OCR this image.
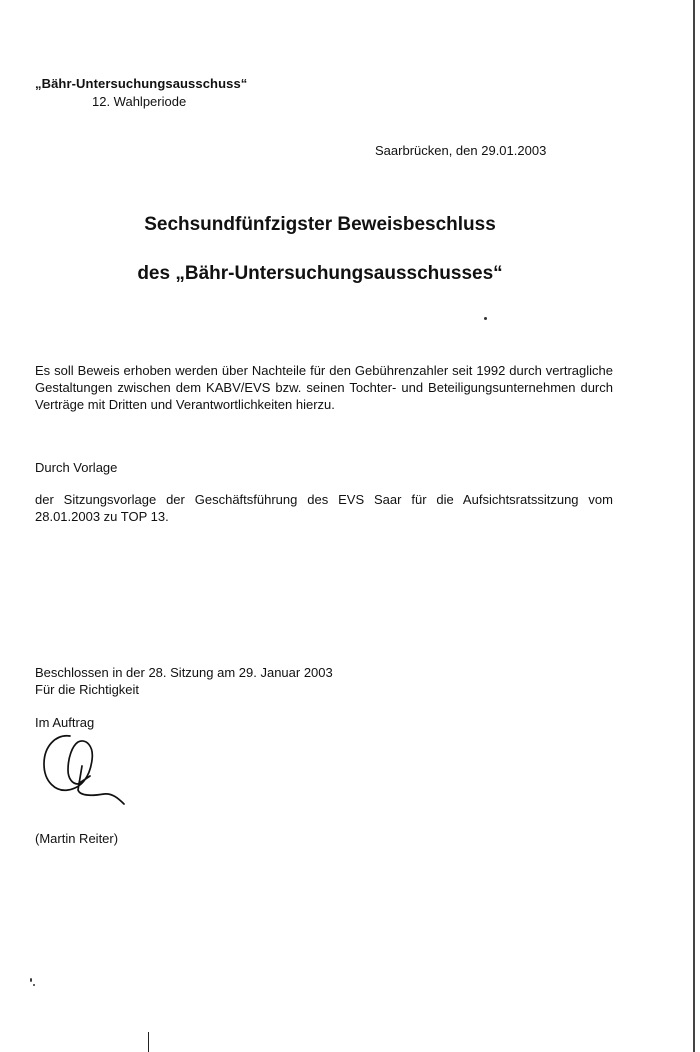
„Bähr-Untersuchungsausschuss“

12. Wahlperiode

Saarbrücken, den 29.01.2003

Sechsundfünfzigster Beweisbeschluss
des „Bähr-Untersuchungsausschusses“

Es soll Beweis erhoben werden über Nachteile für den Gebührenzahler seit 1992 durch vertragliche Gestaltungen zwischen dem KABV/EVS bzw. seinen Tochter- und Beteiligungsunternehmen durch Verträge mit Dritten und Verantwortlichkeiten hierzu.

Durch Vorlage

der Sitzungsvorlage der Geschäftsführung des EVS Saar für die Aufsichtsratssitzung vom 28.01.2003 zu TOP 13.

Beschlossen in der 28. Sitzung am 29. Januar 2003

Für die Richtigkeit

Im Auftrag

(Martin Reiter)
